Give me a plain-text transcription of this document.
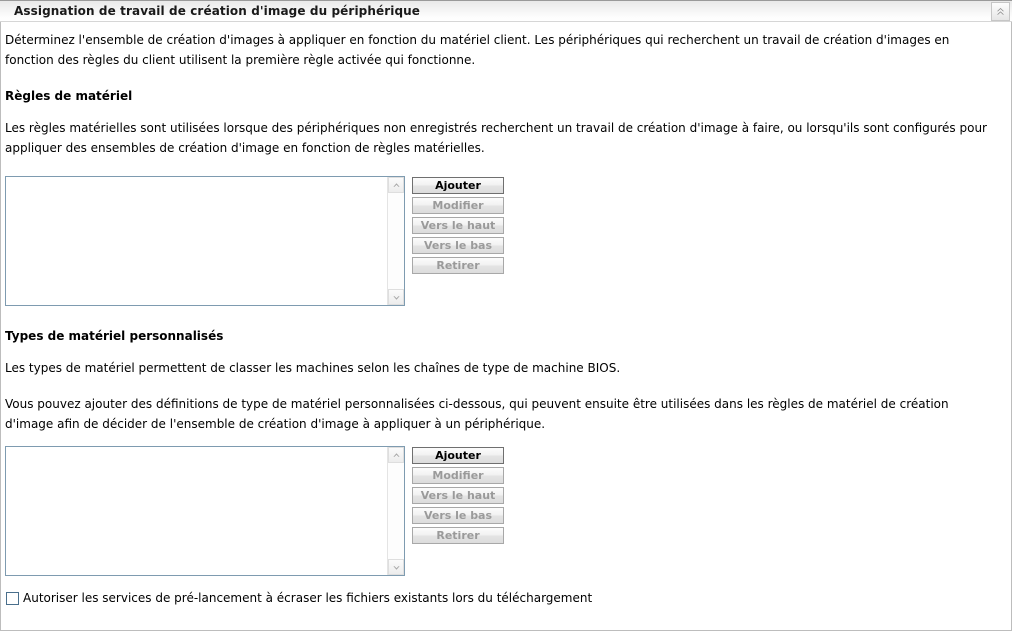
Assignation de travail de création d'image du périphérique

Déterminez l'ensemble de création d'images à appliquer en fonction du matériel client. Les périphériques qui recherchent un travail de création d'images en fonction des règles du client utilisent la première règle activée qui fonctionne.

Règles de matériel

Les règles matérielles sont utilisées lorsque des périphériques non enregistrés recherchent un travail de création d'image à faire, ou lorsqu'ils sont configurés pour appliquer des ensembles de création d'image en fonction de règles matérielles.

Ajouter
Modifier
Vers le haut
Vers le bas
Retirer
Types de matériel personnalisés

Les types de matériel permettent de classer les machines selon les chaînes de type de machine BIOS.

Vous pouvez ajouter des définitions de type de matériel personnalisées ci-dessous, qui peuvent ensuite être utilisées dans les règles de matériel de création d'image afin de décider de l'ensemble de création d'image à appliquer à un périphérique.

Ajouter
Modifier
Vers le haut
Vers le bas
Retirer
Autoriser les services de pré-lancement à écraser les fichiers existants lors du téléchargement
